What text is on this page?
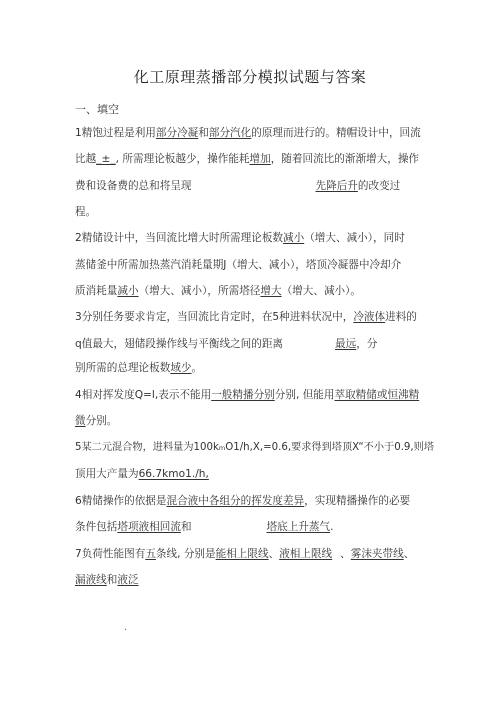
化工原理蒸播部分模拟试题与答案
一、填空
1精饱过程是利用部分冷凝和部分汽化的原理而进行的。精帽设计中，回流
比越_±_, 所需理论板越少，操作能耗增加，随着回流比的渐渐增大，操作
费和设备费的总和将呈现	先降后升的改变过
程。
2精储设计中，当回流比增大时所需理论板数减小（增大、减小），同时
蒸储釜中所需加热蒸汽消耗量期J（增大、减小），塔顶冷凝器中冷却介
质消耗量减小（增大、减小），所需塔径增大（增大、减小）。
3分别任务要求肯定，当回流比肯定时，在5种进料状况中，冷液体进料的
q值最大，翅储段操作线与平衡线之间的距离	最远，分
别所需的总理论板数域少。
4相对挥发度Q=l,表示不能用一般精播分别分别, 但能用萃取精储或恒沸精
微分别。
5某二元混合物，进料量为100kₘO1/h,X,=0.6,要求得到塔顶X“不小于0.9,则塔
顶用大产量为66.7kmo1./h,
6精储操作的依据是混合液中各组分的挥发度差异，实现精播操作的必要
条件包括塔项液相回流和	塔底上升蒸气.
7负荷性能图有五条线, 分别是能相上限线、液相上限线 、雾沫夹带线、
漏液线和液泛
.
